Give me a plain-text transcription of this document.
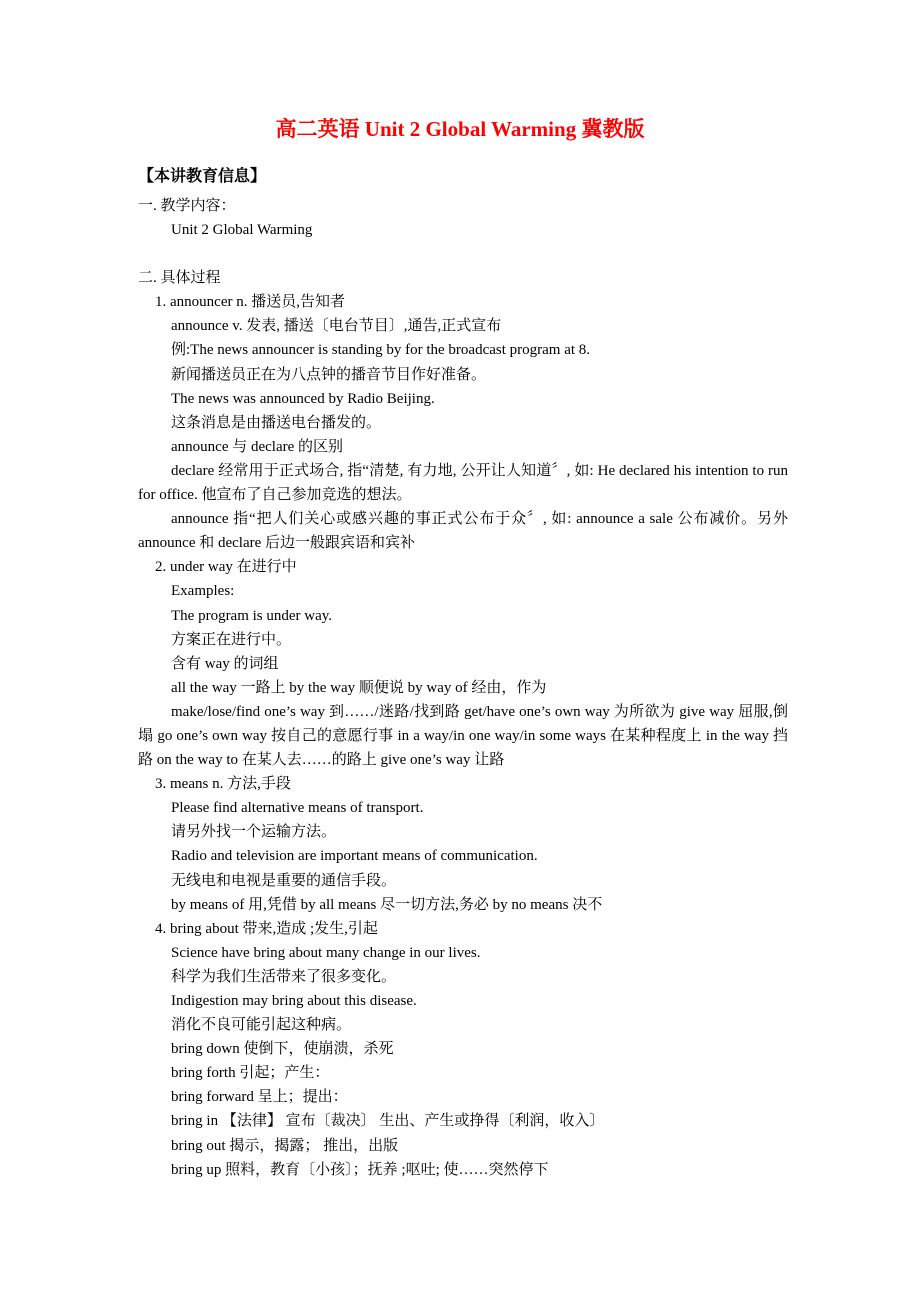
高二英语 Unit 2 Global Warming 冀教版
【本讲教育信息】
一. 教学内容：
Unit 2 Global Warming
二. 具体过程
1. announcer n. 播送员,告知者
announce v. 发表, 播送〔电台节目〕,通告,正式宣布
例:The news announcer is standing by for the broadcast program at 8.
新闻播送员正在为八点钟的播音节目作好准备。
The news was announced by Radio Beijing.
这条消息是由播送电台播发的。
announce 与 declare 的区别
declare 经常用于正式场合, 指“清楚, 有力地, 公开让人知道〞, 如: He declared his intention to run for office. 他宣布了自己参加竞选的想法。
announce 指“把人们关心或感兴趣的事正式公布于众〞, 如: announce a sale 公布减价。另外 announce 和 declare 后边一般跟宾语和宾补
2. under way 在进行中
Examples:
The program is under way.
方案正在进行中。
含有 way 的词组
all the way 一路上 by the way 顺便说 by way of 经由，作为
make/lose/find one’s way 到……/迷路/找到路 get/have one’s own way 为所欲为 give way 屈服,倒塌 go one’s own way 按自己的意愿行事 in a way/in one way/in some ways 在某种程度上 in the way 挡路 on the way to 在某人去……的路上 give one’s way 让路
3. means n. 方法,手段
Please find alternative means of transport.
请另外找一个运输方法。
Radio and television are important means of communication.
无线电和电视是重要的通信手段。
by means of 用,凭借 by all means 尽一切方法,务必 by no means 决不
4. bring about 带来,造成 ;发生,引起
Science have bring about many change in our lives.
科学为我们生活带来了很多变化。
Indigestion may bring about this disease.
消化不良可能引起这种病。
bring down 使倒下，使崩溃，杀死
bring forth 引起；产生：
bring forward 呈上；提出：
bring in 【法律】 宣布〔裁决〕 生出、产生或挣得〔利润，收入〕
bring out 揭示，揭露； 推出，出版
bring up 照料，教育〔小孩〕；抚养 ;呕吐; 使……突然停下
